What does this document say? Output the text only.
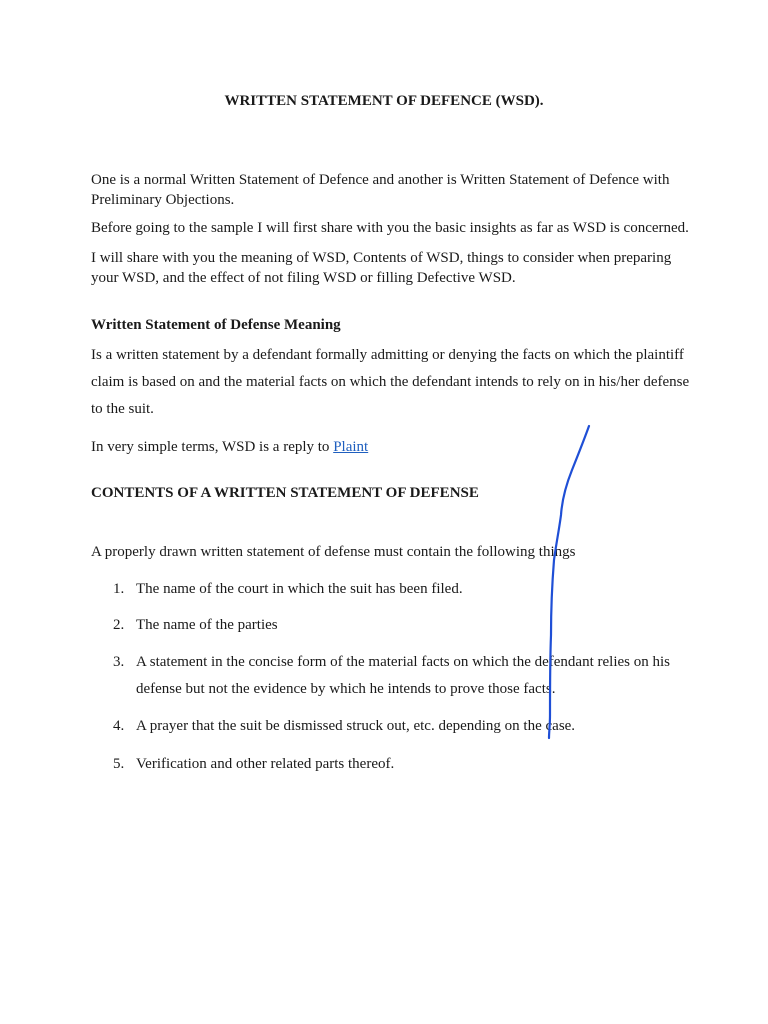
WRITTEN STATEMENT OF DEFENCE (WSD).

One is a normal Written Statement of Defence and another is Written Statement of Defence with Preliminary Objections.

Before going to the sample I will first share with you the basic insights as far as WSD is concerned.

I will share with you the meaning of WSD, Contents of WSD, things to consider when preparing your WSD, and the effect of not filing WSD or filling Defective WSD.

Written Statement of Defense Meaning

Is a written statement by a defendant formally admitting or denying the facts on which the plaintiff claim is based on and the material facts on which the defendant intends to rely on in his/her defense to the suit.

In very simple terms, WSD is a reply to Plaint

CONTENTS OF A WRITTEN STATEMENT OF DEFENSE

A properly drawn written statement of defense must contain the following things

1. The name of the court in which the suit has been filed.
2. The name of the parties
3. A statement in the concise form of the material facts on which the defendant relies on his defense but not the evidence by which he intends to prove those facts.
4. A prayer that the suit be dismissed struck out, etc. depending on the case.
5. Verification and other related parts thereof.
